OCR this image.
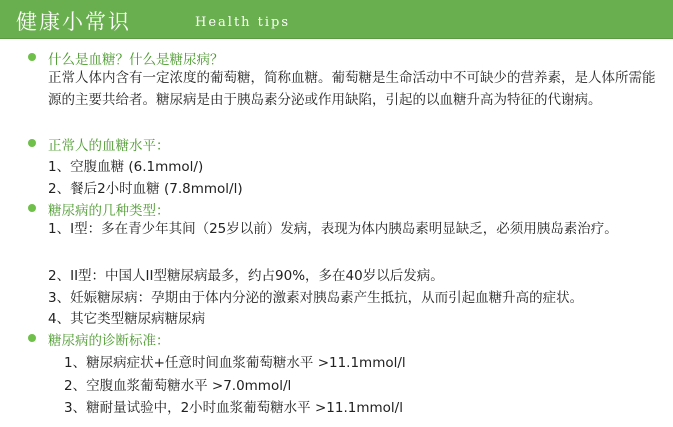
健康小常识	Health tips
什么是血糖？什么是糖尿病？
正常人体内含有一定浓度的葡萄糖，简称血糖。葡萄糖是生命活动中不可缺少的营养素，是人体所需能源的主要共给者。糖尿病是由于胰岛素分泌或作用缺陷，引起的以血糖升高为特征的代谢病。
正常人的血糖水平：
1、空腹血糖 (6.1mmol/)
2、餐后2小时血糖 (7.8mmol/l)
糖尿病的几种类型：
1、I型：多在青少年其间（25岁以前）发病，表现为体内胰岛素明显缺乏，必须用胰岛素治疗。
2、II型：中国人II型糖尿病最多，约占90%，多在40岁以后发病。
3、妊娠糖尿病：孕期由于体内分泌的激素对胰岛素产生抵抗，从而引起血糖升高的症状。
4、其它类型糖尿病糖尿病
糖尿病的诊断标准：
1、糖尿病症状+任意时间血浆葡萄糖水平 >11.1mmol/l
2、空腹血浆葡萄糖水平 >7.0mmol/l
3、糖耐量试验中，2小时血浆葡萄糖水平 >11.1mmol/l
